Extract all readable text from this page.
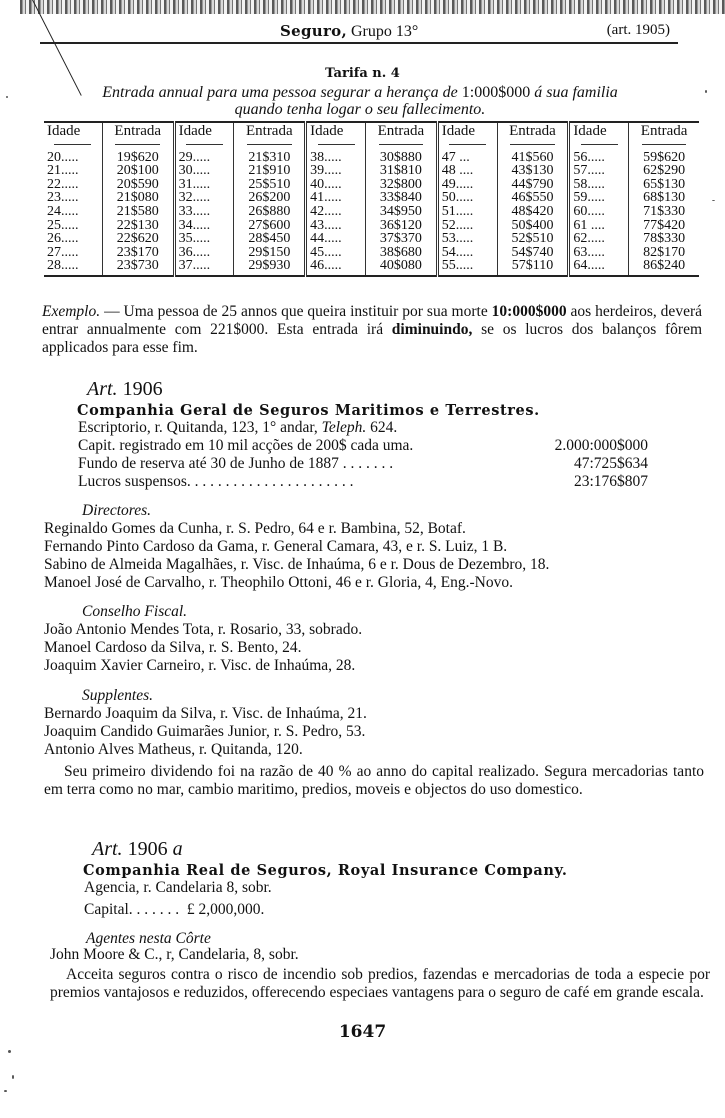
Seguro, Grupo 13°	(art. 1905)
Tarifa n. 4
Entrada annual para uma pessoa segurar a herança de 1:000$000 á sua familia
quando tenha logar o seu fallecimento.
Idade	Entrada	Idade	Entrada	Idade	Entrada	Idade	Entrada	Idade	Entrada
20.....	19$620	29.....	21$310	38.....	30$880	47 ...	41$560	56.....	59$620
21.....	20$100	30.....	21$910	39.....	31$810	48 ....	43$130	57.....	62$290
22.....	20$590	31.....	25$510	40.....	32$800	49.....	44$790	58.....	65$130
23.....	21$080	32.....	26$200	41.....	33$840	50.....	46$550	59.....	68$130
24.....	21$580	33.....	26$880	42.....	34$950	51.....	48$420	60.....	71$330
25.....	22$130	34.....	27$600	43.....	36$120	52.....	50$400	61 ....	77$420
26.....	22$620	35.....	28$450	44.....	37$370	53.....	52$510	62.....	78$330
27.....	23$170	36.....	29$150	45.....	38$680	54.....	54$740	63.....	82$170
28.....	23$730	37.....	29$930	46.....	40$080	55.....	57$110	64.....	86$240
Exemplo. — Uma pessoa de 25 annos que queira instituir por sua morte 10:000$000 aos herdeiros, deverá entrar annualmente com 221$000. Esta entrada irá diminuindo, se os lucros dos balanços fôrem applicados para esse fim.
Art. 1906
Companhia Geral de Seguros Maritimos e Terrestres.
Escriptorio, r. Quitanda, 123, 1° andar, Teleph. 624.
Capit. registrado em 10 mil acções de 200$ cada uma.	2.000:000$000
Fundo de reserva até 30 de Junho de 1887 . . . . . . .	47:725$634
Lucros suspensos. . . . . . . . . . . . . . . . . . . . . .	23:176$807
Directores.
Reginaldo Gomes da Cunha, r. S. Pedro, 64 e r. Bambina, 52, Botaf.
Fernando Pinto Cardoso da Gama, r. General Camara, 43, e r. S. Luiz, 1 B.
Sabino de Almeida Magalhães, r. Visc. de Inhaúma, 6 e r. Dous de Dezembro, 18.
Manoel José de Carvalho, r. Theophilo Ottoni, 46 e r. Gloria, 4, Eng.-Novo.
Conselho Fiscal.
João Antonio Mendes Tota, r. Rosario, 33, sobrado.
Manoel Cardoso da Silva, r. S. Bento, 24.
Joaquim Xavier Carneiro, r. Visc. de Inhaúma, 28.
Supplentes.
Bernardo Joaquim da Silva, r. Visc. de Inhaúma, 21.
Joaquim Candido Guimarães Junior, r. S. Pedro, 53.
Antonio Alves Matheus, r. Quitanda, 120.
Seu primeiro dividendo foi na razão de 40 % ao anno do capital realizado. Segura mercadorias tanto em terra como no mar, cambio maritimo, predios, moveis e objectos do uso domestico.
Art. 1906 a
Companhia Real de Seguros, Royal Insurance Company.
Agencia, r. Candelaria 8, sobr.
Capital. . . . . . .  £ 2,000,000.
Agentes nesta Côrte
John Moore & C., r, Candelaria, 8, sobr.
Acceita seguros contra o risco de incendio sob predios, fazendas e mercadorias de toda a especie por premios vantajosos e reduzidos, offerecendo especiaes vantagens para o seguro de café em grande escala.
1647
